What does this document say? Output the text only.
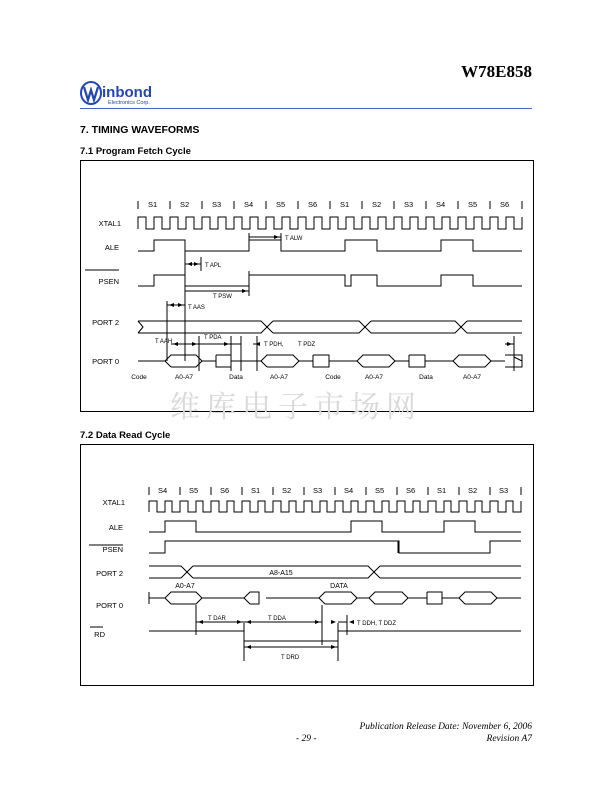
W78E858
inbond
Electronics Corp.
7. TIMING WAVEFORMS
7.1 Program Fetch Cycle
S1	S2	S3	S4	S5	S6	S1	S2	S3	S4	S5	S6
XTAL1
ALE
PSEN
PORT 2
PORT 0
T ALW
T APL
T PSW
T AAS
T AAH
T PDA
T PDH, T PDZ
Code	A0-A7	Data	A0-A7	Code	A0-A7	Data	A0-A7
维库电子市场网
7.2 Data Read Cycle
S4	S5	S6	S1	S2	S3	S4	S5	S6	S1	S2	S3
XTAL1
ALE
PSEN
PORT 2
PORT 0
RD
A8-A15
A0-A7	DATA
T DAR	T DDA
T DDH, T DDZ
T DRD
Publication Release Date: November 6, 2006
- 29 -	Revision A7
